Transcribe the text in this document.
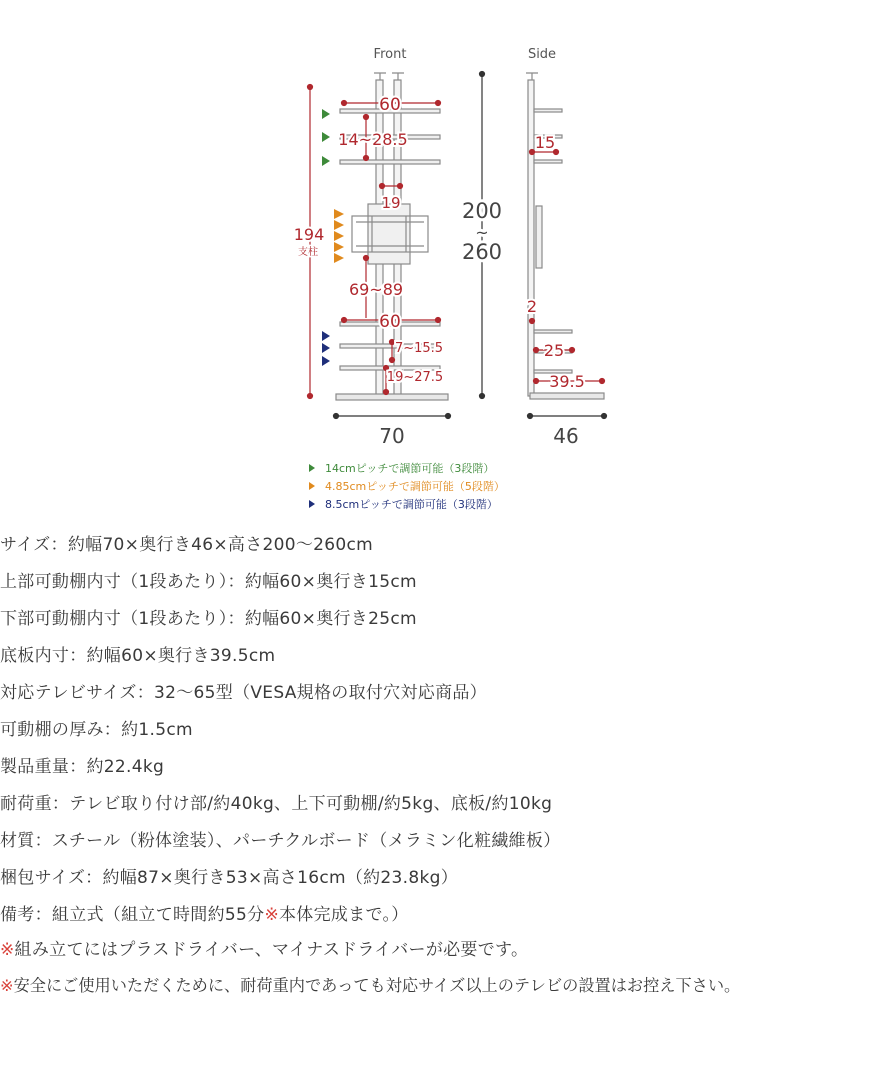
Front	Side
60
14~28.5
19
194
支柱
69~89
60
7~15.5
19~27.5
70
200
~
260
15
2
25
39.5
46
14cmピッチで調節可能（3段階）
4.85cmピッチで調節可能（5段階）
8.5cmピッチで調節可能（3段階）
サイズ：約幅70×奥行き46×高さ200〜260cm
上部可動棚内寸（1段あたり）：約幅60×奥行き15cm
下部可動棚内寸（1段あたり）：約幅60×奥行き25cm
底板内寸：約幅60×奥行き39.5cm
対応テレビサイズ：32〜65型（VESA規格の取付穴対応商品）
可動棚の厚み：約1.5cm
製品重量：約22.4kg
耐荷重：テレビ取り付け部/約40kg、上下可動棚/約5kg、底板/約10kg
材質：スチール（粉体塗装）、パーチクルボード（メラミン化粧繊維板）
梱包サイズ：約幅87×奥行き53×高さ16cm（約23.8kg）
備考：組立式（組立て時間約55分※本体完成まで。）
※組み立てにはプラスドライバー、マイナスドライバーが必要です。
※安全にご使用いただくために、耐荷重内であっても対応サイズ以上のテレビの設置はお控え下さい。
